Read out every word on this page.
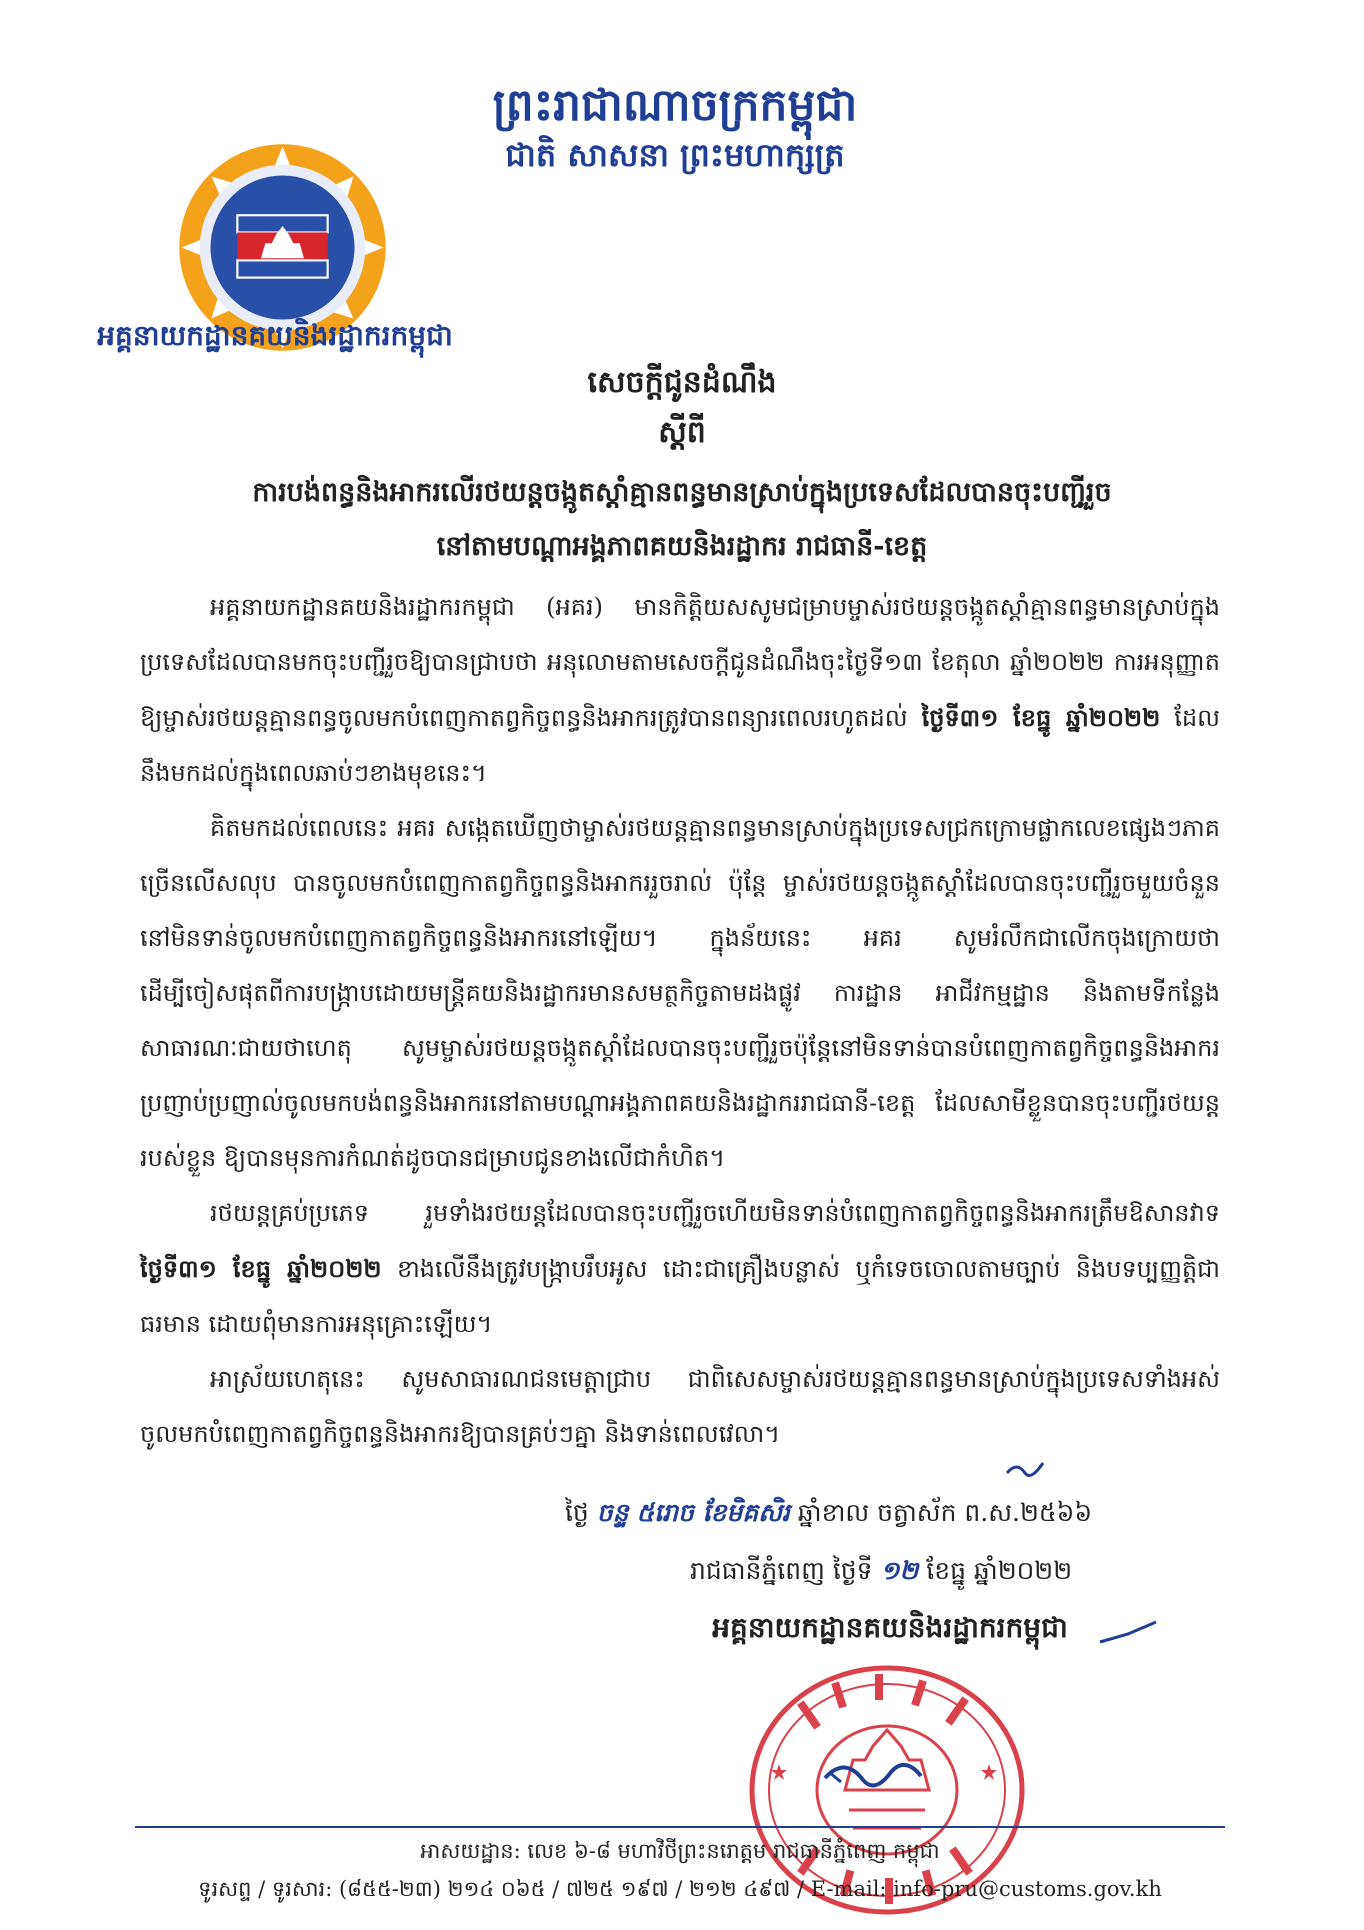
ព្រះរាជាណាចក្រកម្ពុជា
ជាតិ សាសនា ព្រះមហាក្សត្រ
អគ្គនាយកដ្ឋានគយនិងរដ្ឋាករកម្ពុជា
សេចក្តីជូនដំណឹង
ស្តីពី
ការបង់ពន្ធនិងអាករលើរថយន្តចង្កូតស្តាំគ្មានពន្ធមានស្រាប់ក្នុងប្រទេសដែលបានចុះបញ្ជីរួច
នៅតាមបណ្តាអង្គភាពគយនិងរដ្ឋាករ រាជធានី-ខេត្ត

អគ្គនាយកដ្ឋានគយនិងរដ្ឋាករកម្ពុជា (អគរ) មានកិត្តិយសសូមជម្រាបម្ចាស់រថយន្តចង្កូតស្តាំគ្មានពន្ធមានស្រាប់ក្នុងប្រទេសដែលបានមកចុះបញ្ជីរួចឱ្យបានជ្រាបថា អនុលោមតាមសេចក្តីជូនដំណឹងចុះថ្ងៃទី១៣ ខែតុលា ឆ្នាំ២០២២ ការអនុញ្ញាតឱ្យម្ចាស់រថយន្តគ្មានពន្ធចូលមកបំពេញកាតព្វកិច្ចពន្ធនិងអាករត្រូវបានពន្យារពេលរហូតដល់ ថ្ងៃទី៣១ ខែធ្នូ ឆ្នាំ២០២២ ដែលនឹងមកដល់ក្នុងពេលឆាប់ៗខាងមុខនេះ។

គិតមកដល់ពេលនេះ អគរ សង្កេតឃើញថាម្ចាស់រថយន្តគ្មានពន្ធមានស្រាប់ក្នុងប្រទេសជ្រកក្រោមផ្លាកលេខផ្សេងៗភាគច្រើនលើសលុប បានចូលមកបំពេញកាតព្វកិច្ចពន្ធនិងអាកររួចរាល់ ប៉ុន្តែ ម្ចាស់រថយន្តចង្កូតស្តាំដែលបានចុះបញ្ជីរួចមួយចំនួននៅមិនទាន់ចូលមកបំពេញកាតព្វកិច្ចពន្ធនិងអាករនៅឡើយ។ ក្នុងន័យនេះ អគរ សូមរំលឹកជាលើកចុងក្រោយថា ដើម្បីចៀសផុតពីការបង្ក្រាបដោយមន្ត្រីគយនិងរដ្ឋាករមានសមត្ថកិច្ចតាមដងផ្លូវ ការដ្ឋាន អាជីវកម្មដ្ឋាន និងតាមទីកន្លែងសាធារណៈជាយថាហេតុ សូមម្ចាស់រថយន្តចង្កូតស្តាំដែលបានចុះបញ្ជីរួចប៉ុន្តែនៅមិនទាន់បានបំពេញកាតព្វកិច្ចពន្ធនិងអាករ ប្រញាប់ប្រញាល់ចូលមកបង់ពន្ធនិងអាករនៅតាមបណ្តាអង្គភាពគយនិងរដ្ឋាកររាជធានី-ខេត្ត ដែលសាមីខ្លួនបានចុះបញ្ជីរថយន្តរបស់ខ្លួន ឱ្យបានមុនការកំណត់ដូចបានជម្រាបជូនខាងលើជាកំហិត។

រថយន្តគ្រប់ប្រភេទ រួមទាំងរថយន្តដែលបានចុះបញ្ជីរួចហើយមិនទាន់បំពេញកាតព្វកិច្ចពន្ធនិងអាករត្រឹមឱសានវាទ ថ្ងៃទី៣១ ខែធ្នូ ឆ្នាំ២០២២ ខាងលើនឹងត្រូវបង្ក្រាបរឹបអូស ដោះជាគ្រឿងបន្លាស់ ឬកំទេចចោលតាមច្បាប់ និងបទប្បញ្ញត្តិជាធរមាន ដោយពុំមានការអនុគ្រោះឡើយ។

អាស្រ័យហេតុនេះ សូមសាធារណជនមេត្តាជ្រាប ជាពិសេសម្ចាស់រថយន្តគ្មានពន្ធមានស្រាប់ក្នុងប្រទេសទាំងអស់ ចូលមកបំពេញកាតព្វកិច្ចពន្ធនិងអាករឱ្យបានគ្រប់ៗគ្នា និងទាន់ពេលវេលា។

ថ្ងៃ ចន្ទ ៥រោច ខែមិគសិរ ឆ្នាំខាល ចត្វាស័ក ព.ស.២៥៦៦
រាជធានីភ្នំពេញ ថ្ងៃទី ១២ ខែធ្នូ ឆ្នាំ២០២២
អគ្គនាយកដ្ឋានគយនិងរដ្ឋាករកម្ពុជា
អាសយដ្ឋាន: លេខ ៦-៨ មហាវិថីព្រះនរោត្តម រាជធានីភ្នំពេញ កម្ពុជា
ទូរសព្ទ / ទូរសារ: (៨៥៥-២៣) ២១៤ ០៦៥ / ៧២៥ ១៩៧ / ២១២ ៤៩៧ / E-mail: info-pru@customs.gov.kh
